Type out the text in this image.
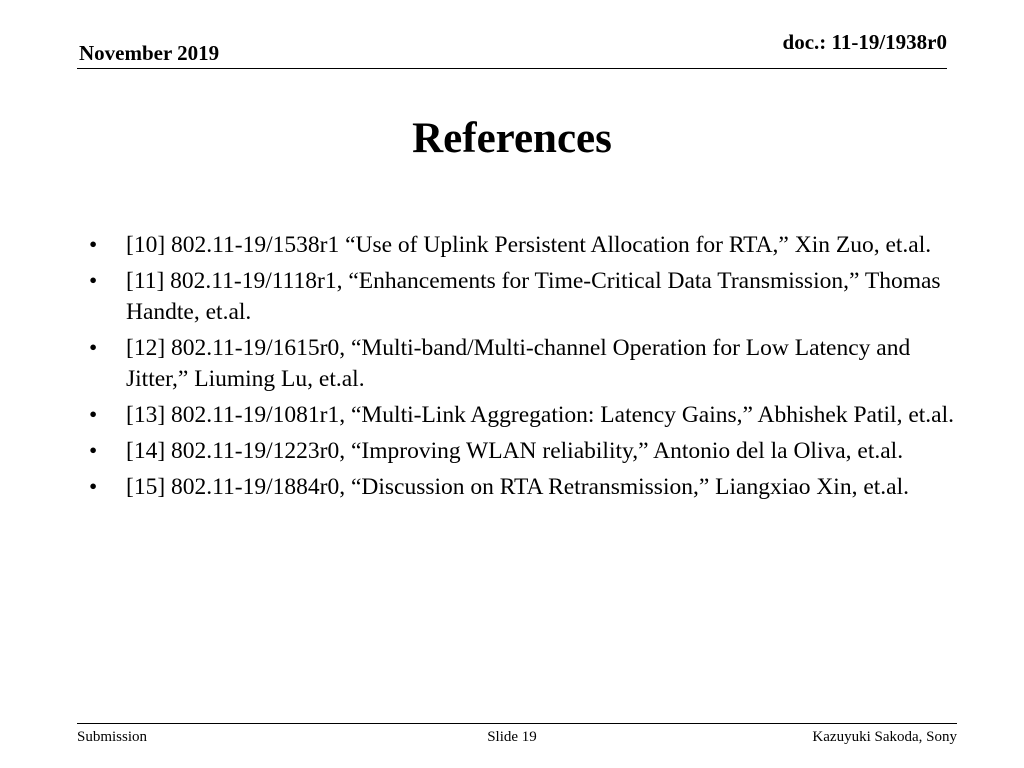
November 2019	doc.: 11-19/1938r0
References
• [10] 802.11-19/1538r1 “Use of Uplink Persistent Allocation for RTA,” Xin Zuo, et.al.
• [11] 802.11-19/1118r1, “Enhancements for Time-Critical Data Transmission,” Thomas Handte, et.al.
• [12] 802.11-19/1615r0, “Multi-band/Multi-channel Operation for Low Latency and Jitter,” Liuming Lu, et.al.
• [13] 802.11-19/1081r1, “Multi-Link Aggregation: Latency Gains,” Abhishek Patil, et.al.
• [14] 802.11-19/1223r0, “Improving WLAN reliability,” Antonio del la Oliva, et.al.
• [15] 802.11-19/1884r0, “Discussion on RTA Retransmission,” Liangxiao Xin, et.al.
Submission	Slide 19	Kazuyuki Sakoda, Sony
